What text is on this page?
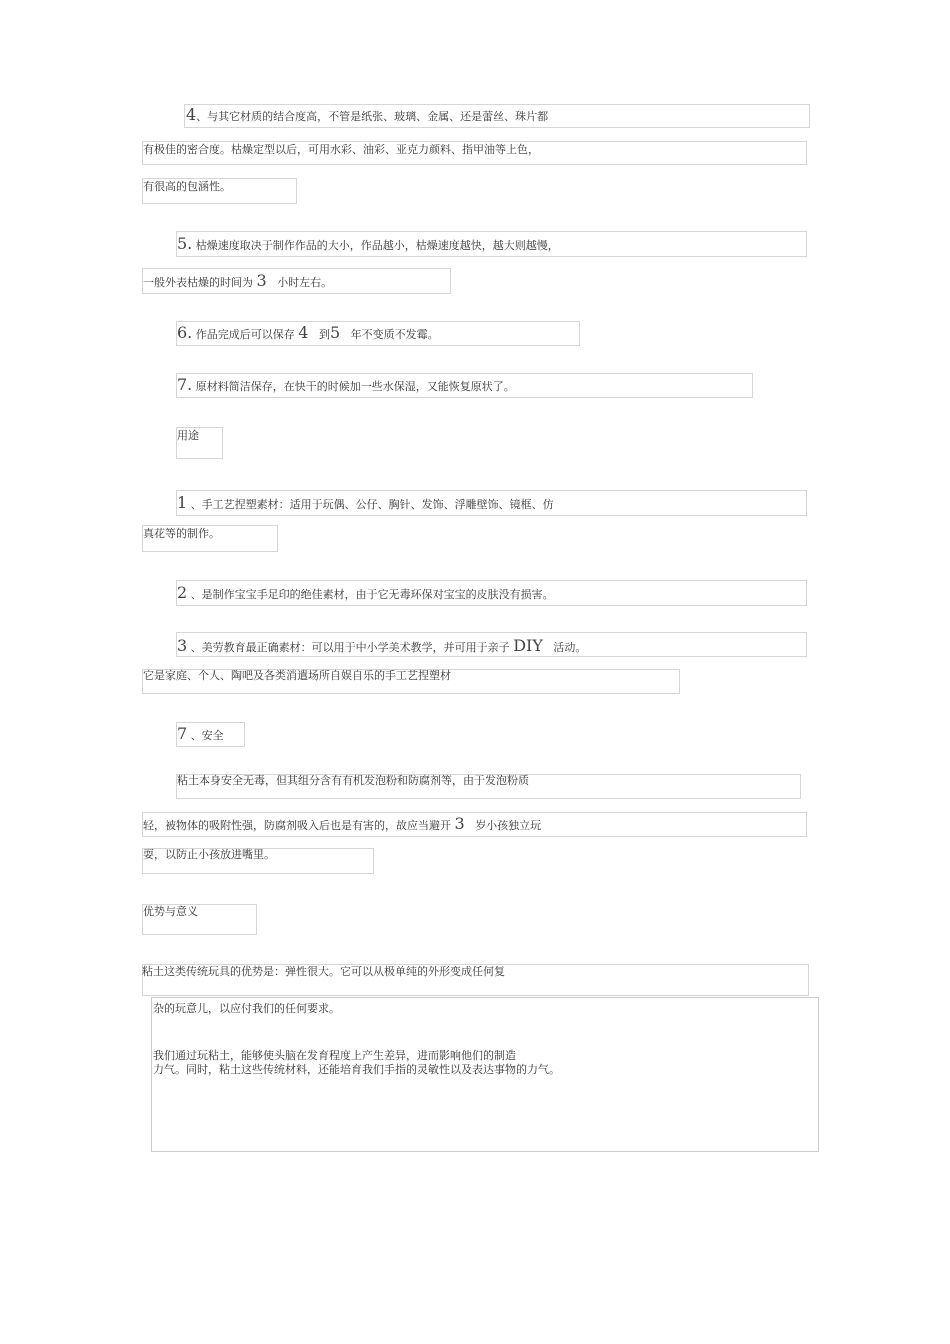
4、与其它材质的结合度高，不管是纸张、玻璃、金属、还是蕾丝、珠片都
有极佳的密合度。枯燥定型以后，可用水彩、油彩、亚克力颜料、指甲油等上色，
有很高的包涵性。
5. 枯燥速度取决于制作作品的大小，作品越小，枯燥速度越快，越大则越慢，
一般外表枯燥的时间为 3 小时左右。
6. 作品完成后可以保存 4 到5 年不变质不发霉。
7. 原材料简洁保存，在快干的时候加一些水保湿，又能恢复原状了。
用途
1 、手工艺捏塑素材：适用于玩偶、公仔、胸针、发饰、浮雕壁饰、镜框、仿
真花等的制作。
2 、是制作宝宝手足印的绝佳素材，由于它无毒环保对宝宝的皮肤没有损害。
3 、美劳教育最正确素材：可以用于中小学美术教学，并可用于亲子 DIY 活动。
它是家庭、个人、陶吧及各类消遣场所自娱自乐的手工艺捏塑材
7 、安全
粘土本身安全无毒，但其组分含有有机发泡粉和防腐剂等，由于发泡粉质
轻，被物体的吸附性强，防腐剂吸入后也是有害的，故应当避开 3 岁小孩独立玩
耍，以防止小孩放进嘴里。
优势与意义
粘土这类传统玩具的优势是：弹性很大。它可以从极单纯的外形变成任何复
杂的玩意儿，以应付我们的任何要求。
我们通过玩粘土，能够使头脑在发育程度上产生差异，进而影响他们的制造
力气。同时，粘土这些传统材料，还能培育我们手指的灵敏性以及表达事物的力气。
